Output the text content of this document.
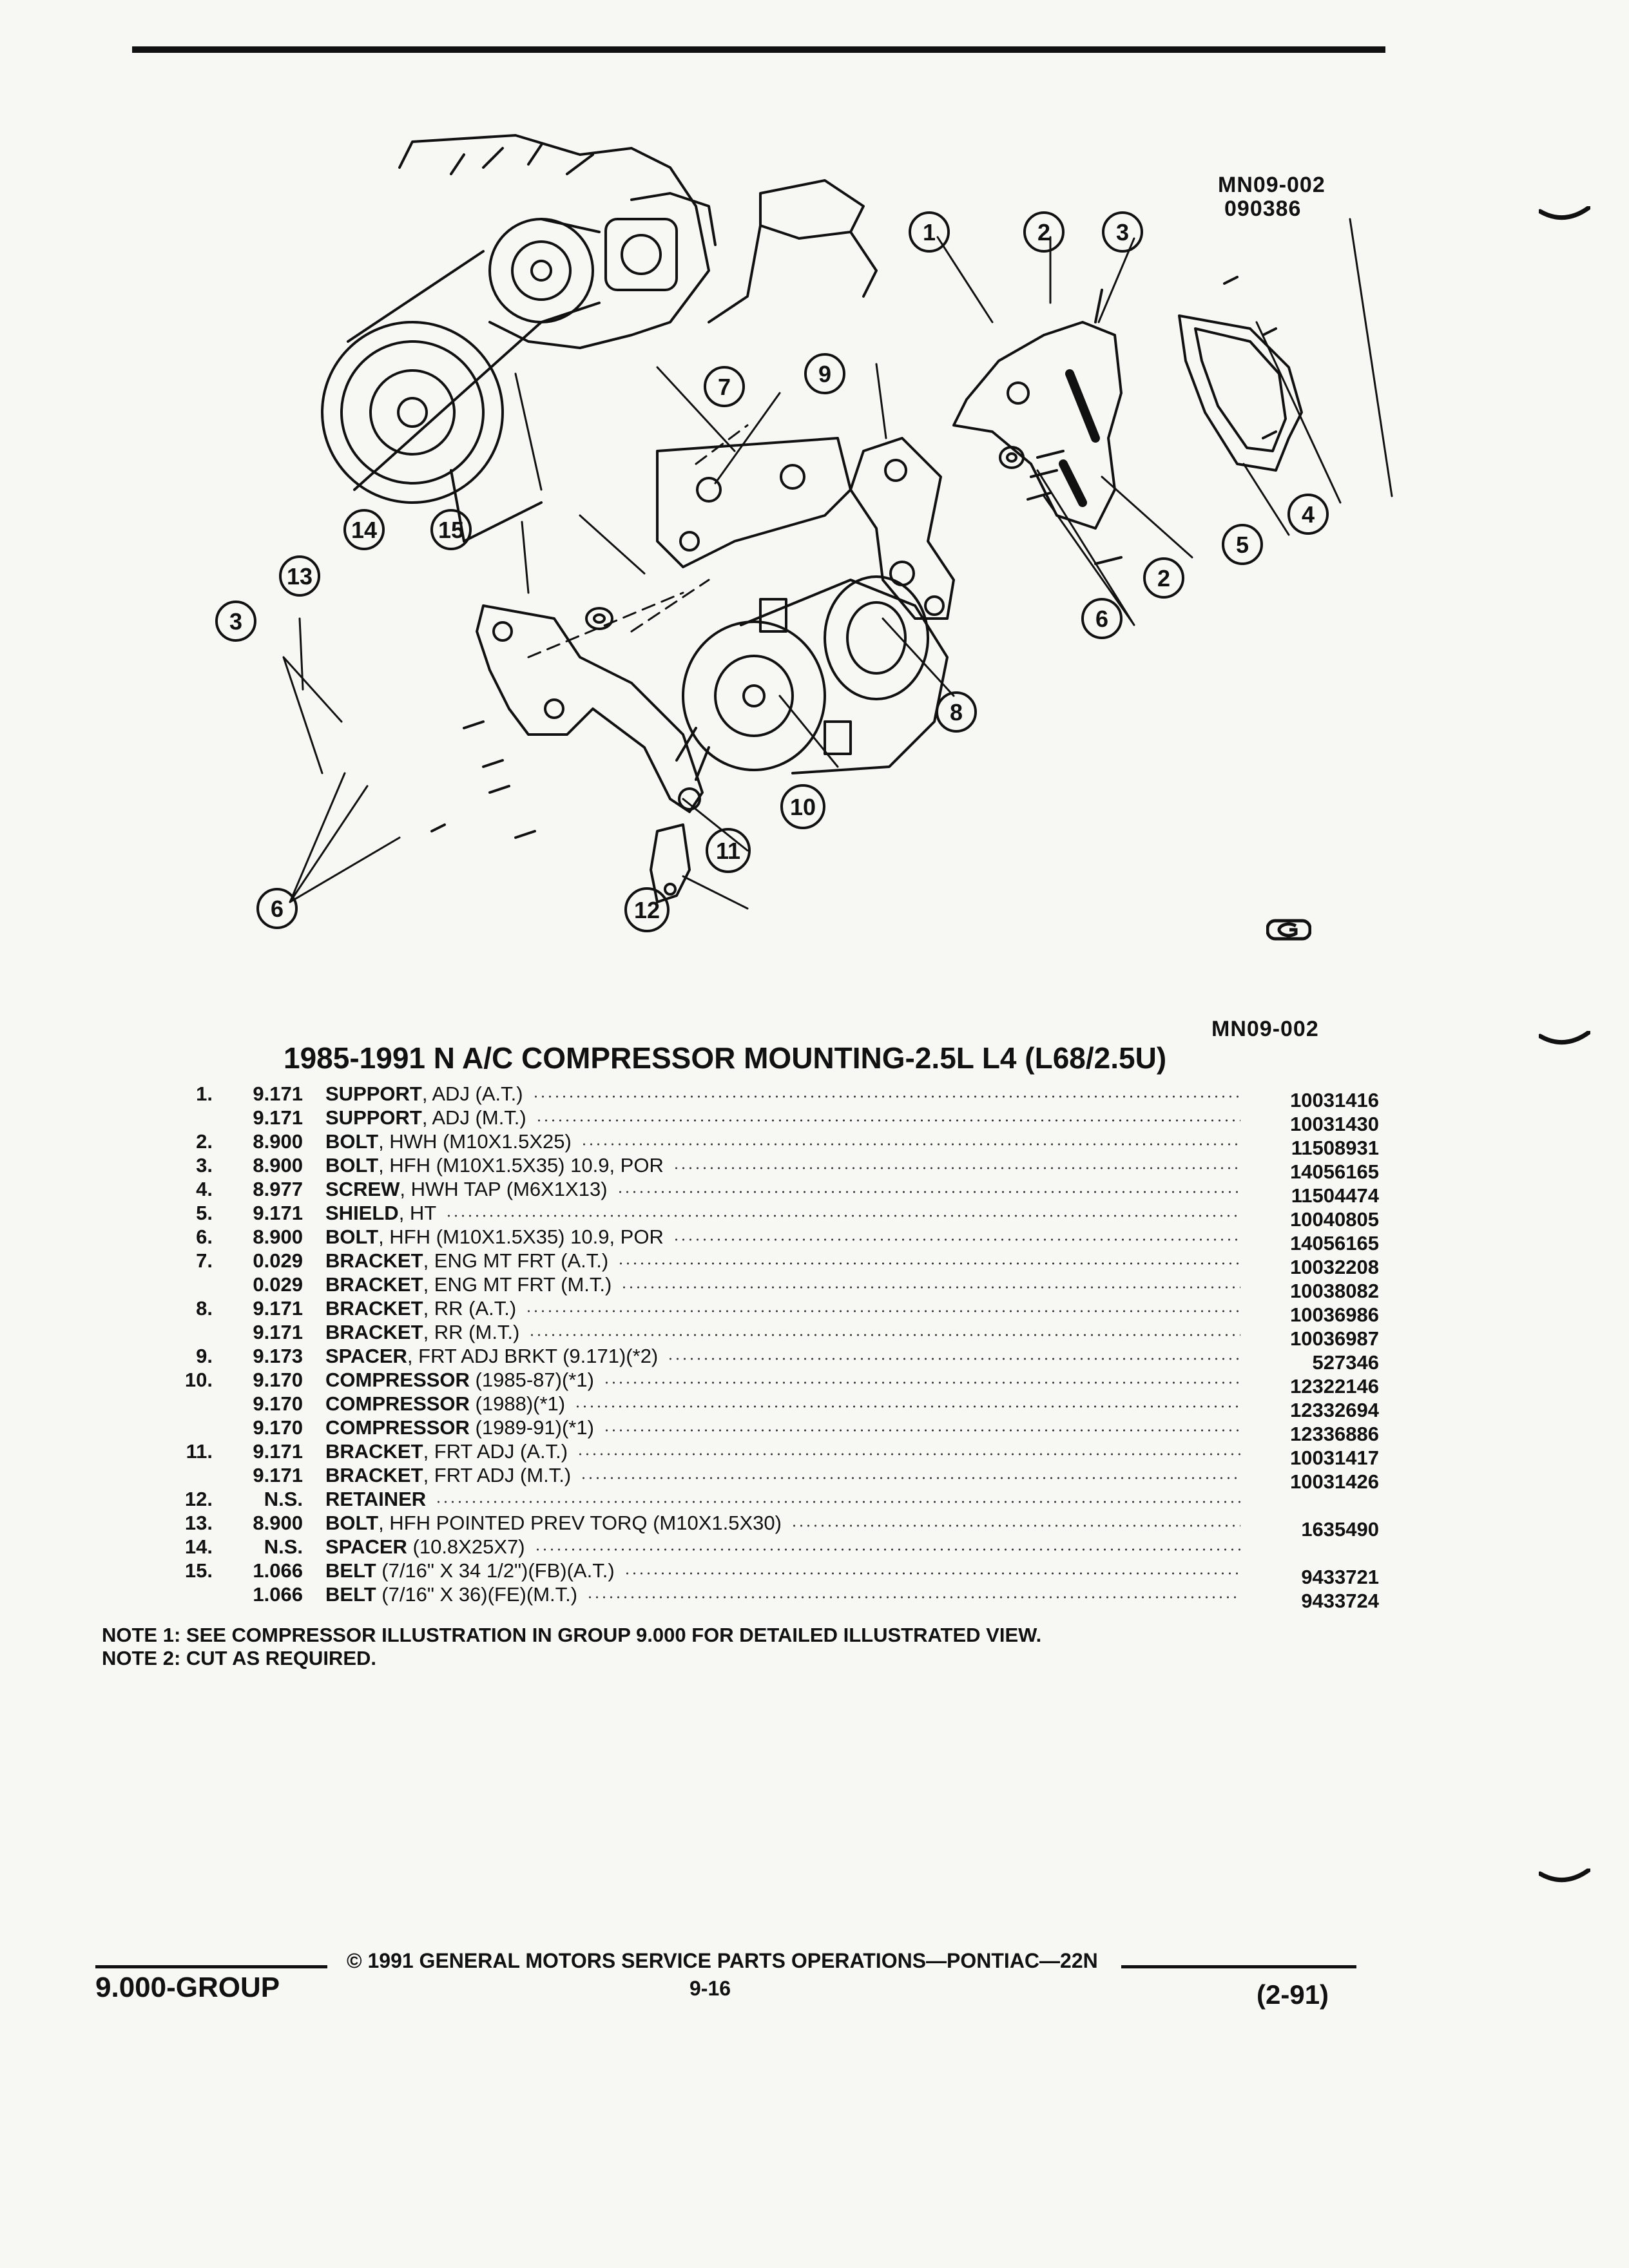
MN09-002
090386
1	2	3
4
5
2
6
7	9
8
10
11
12
14	15
13
3
6
MN09-002
1985-1991 N A/C COMPRESSOR MOUNTING-2.5L L4 (L68/2.5U)
1.	9.171 SUPPORT, ADJ (A.T.)	10031416
9.171 SUPPORT, ADJ (M.T.)	10031430
2.	8.900 BOLT, HWH (M10X1.5X25)	11508931
3.	8.900 BOLT, HFH (M10X1.5X35) 10.9, POR	14056165
4.	8.977 SCREW, HWH TAP (M6X1X13)	11504474
5.	9.171 SHIELD, HT	10040805
6.	8.900 BOLT, HFH (M10X1.5X35) 10.9, POR	14056165
7.	0.029 BRACKET, ENG MT FRT (A.T.)	10032208
0.029 BRACKET, ENG MT FRT (M.T.)	10038082
8.	9.171 BRACKET, RR (A.T.)	10036986
9.171 BRACKET, RR (M.T.)	10036987
9.	9.173 SPACER, FRT ADJ BRKT (9.171)(*2)	527346
10.	9.170 COMPRESSOR (1985-87)(*1)	12322146
9.170 COMPRESSOR (1988)(*1)	12332694
9.170 COMPRESSOR (1989-91)(*1)	12336886
11.	9.171 BRACKET, FRT ADJ (A.T.)	10031417
9.171 BRACKET, FRT ADJ (M.T.)	10031426
12.	N.S. RETAINER
13.	8.900 BOLT, HFH POINTED PREV TORQ (M10X1.5X30)	1635490
14.	N.S. SPACER (10.8X25X7)
15.	1.066 BELT (7/16" X 34 1/2")(FB)(A.T.)	9433721
1.066 BELT (7/16" X 36)(FE)(M.T.)	9433724
NOTE 1: SEE COMPRESSOR ILLUSTRATION IN GROUP 9.000 FOR DETAILED ILLUSTRATED VIEW.
NOTE 2: CUT AS REQUIRED.
9.000-GROUP
© 1991 GENERAL MOTORS SERVICE PARTS OPERATIONS—PONTIAC—22N
9-16	(2-91)
